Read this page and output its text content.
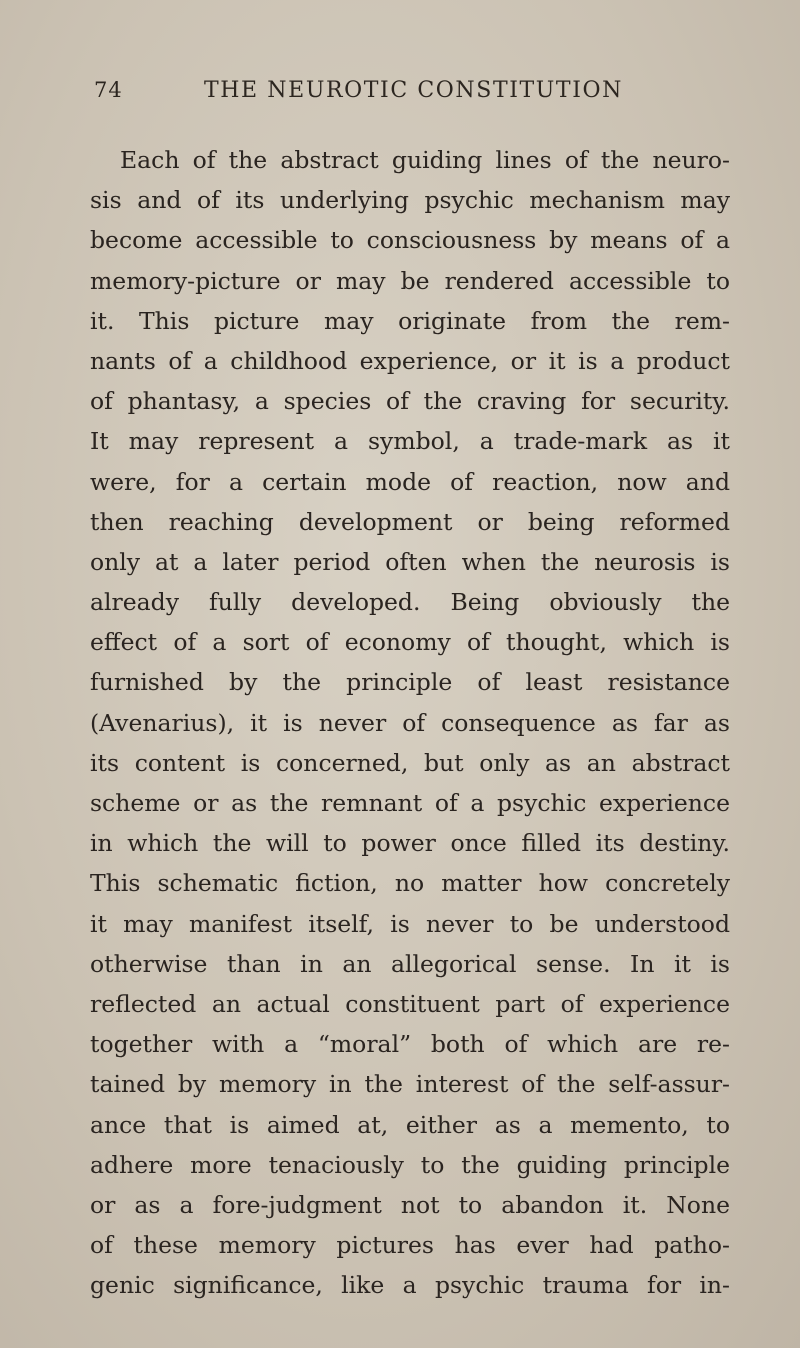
74	THE NEUROTIC CONSTITUTION
Each of the abstract guiding lines of the neuro-
sis and of its underlying psychic mechanism may
become accessible to consciousness by means of a
memory-picture or may be rendered accessible to
it. This picture may originate from the rem-
nants of a childhood experience, or it is a product
of phantasy, a species of the craving for security.
It may represent a symbol, a trade-mark as it
were, for a certain mode of reaction, now and
then reaching development or being reformed
only at a later period often when the neurosis is
already fully developed. Being obviously the
effect of a sort of economy of thought, which is
furnished by the principle of least resistance
(Avenarius), it is never of consequence as far as
its content is concerned, but only as an abstract
scheme or as the remnant of a psychic experience
in which the will to power once filled its destiny.
This schematic fiction, no matter how concretely
it may manifest itself, is never to be understood
otherwise than in an allegorical sense. In it is
reflected an actual constituent part of experience
together with a “moral” both of which are re-
tained by memory in the interest of the self-assur-
ance that is aimed at, either as a memento, to
adhere more tenaciously to the guiding principle
or as a fore-judgment not to abandon it. None
of these memory pictures has ever had patho-
genic significance, like a psychic trauma for in-
